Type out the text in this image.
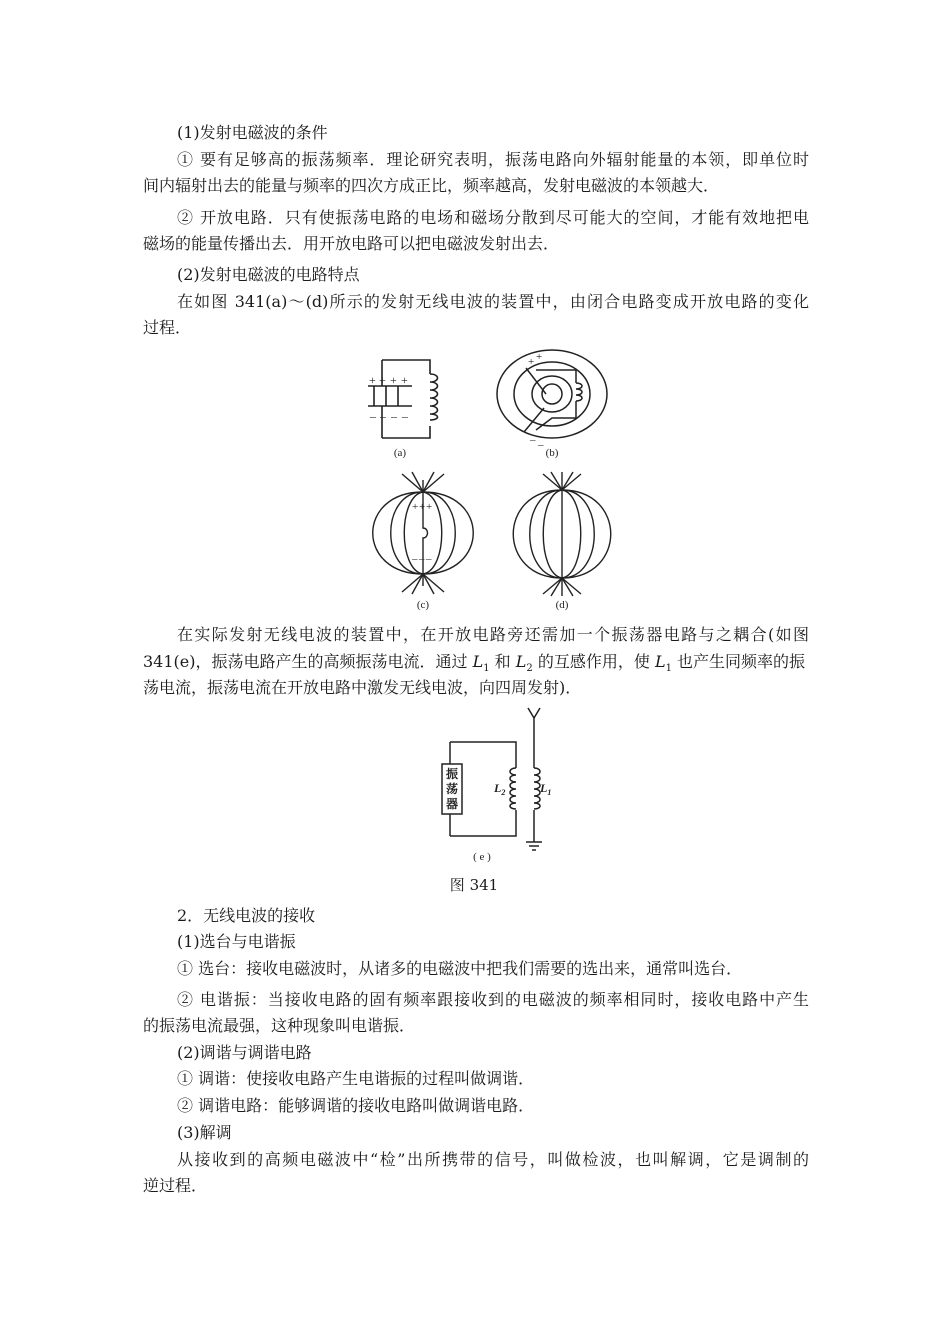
(1)发射电磁波的条件
① 要有足够高的振荡频率．理论研究表明，振荡电路向外辐射能量的本领，即单位时
间内辐射出去的能量与频率的四次方成正比，频率越高，发射电磁波的本领越大．
② 开放电路．只有使振荡电路的电场和磁场分散到尽可能大的空间，才能有效地把电
磁场的能量传播出去．用开放电路可以把电磁波发射出去．
(2)发射电磁波的电路特点
在如图 341(a)～(d)所示的发射无线电波的装置中，由闭合电路变成开放电路的变化
过程．
+ + + +
‒ ‒ ‒ ‒
(a)
+ +
‒ ‒
(b)
+ + +
‒ ‒ ‒
(c)	(d)
在实际发射无线电波的装置中，在开放电路旁还需加一个振荡器电路与之耦合(如图
341(e)，振荡电路产生的高频振荡电流．通过 $L_1$ 和 $L_2$ 的互感作用，使 $L_1$ 也产生同频率的振
荡电流，振荡电流在开放电路中激发无线电波，向四周发射)．
振
荡
器
$L_2$	$L_1$
( e )
图 341
2．无线电波的接收
(1)选台与电谐振
① 选台：接收电磁波时，从诸多的电磁波中把我们需要的选出来，通常叫选台．
② 电谐振：当接收电路的固有频率跟接收到的电磁波的频率相同时，接收电路中产生
的振荡电流最强，这种现象叫电谐振．
(2)调谐与调谐电路
① 调谐：使接收电路产生电谐振的过程叫做调谐．
② 调谐电路：能够调谐的接收电路叫做调谐电路．
(3)解调
从接收到的高频电磁波中“检”出所携带的信号，叫做检波，也叫解调，它是调制的
逆过程．
